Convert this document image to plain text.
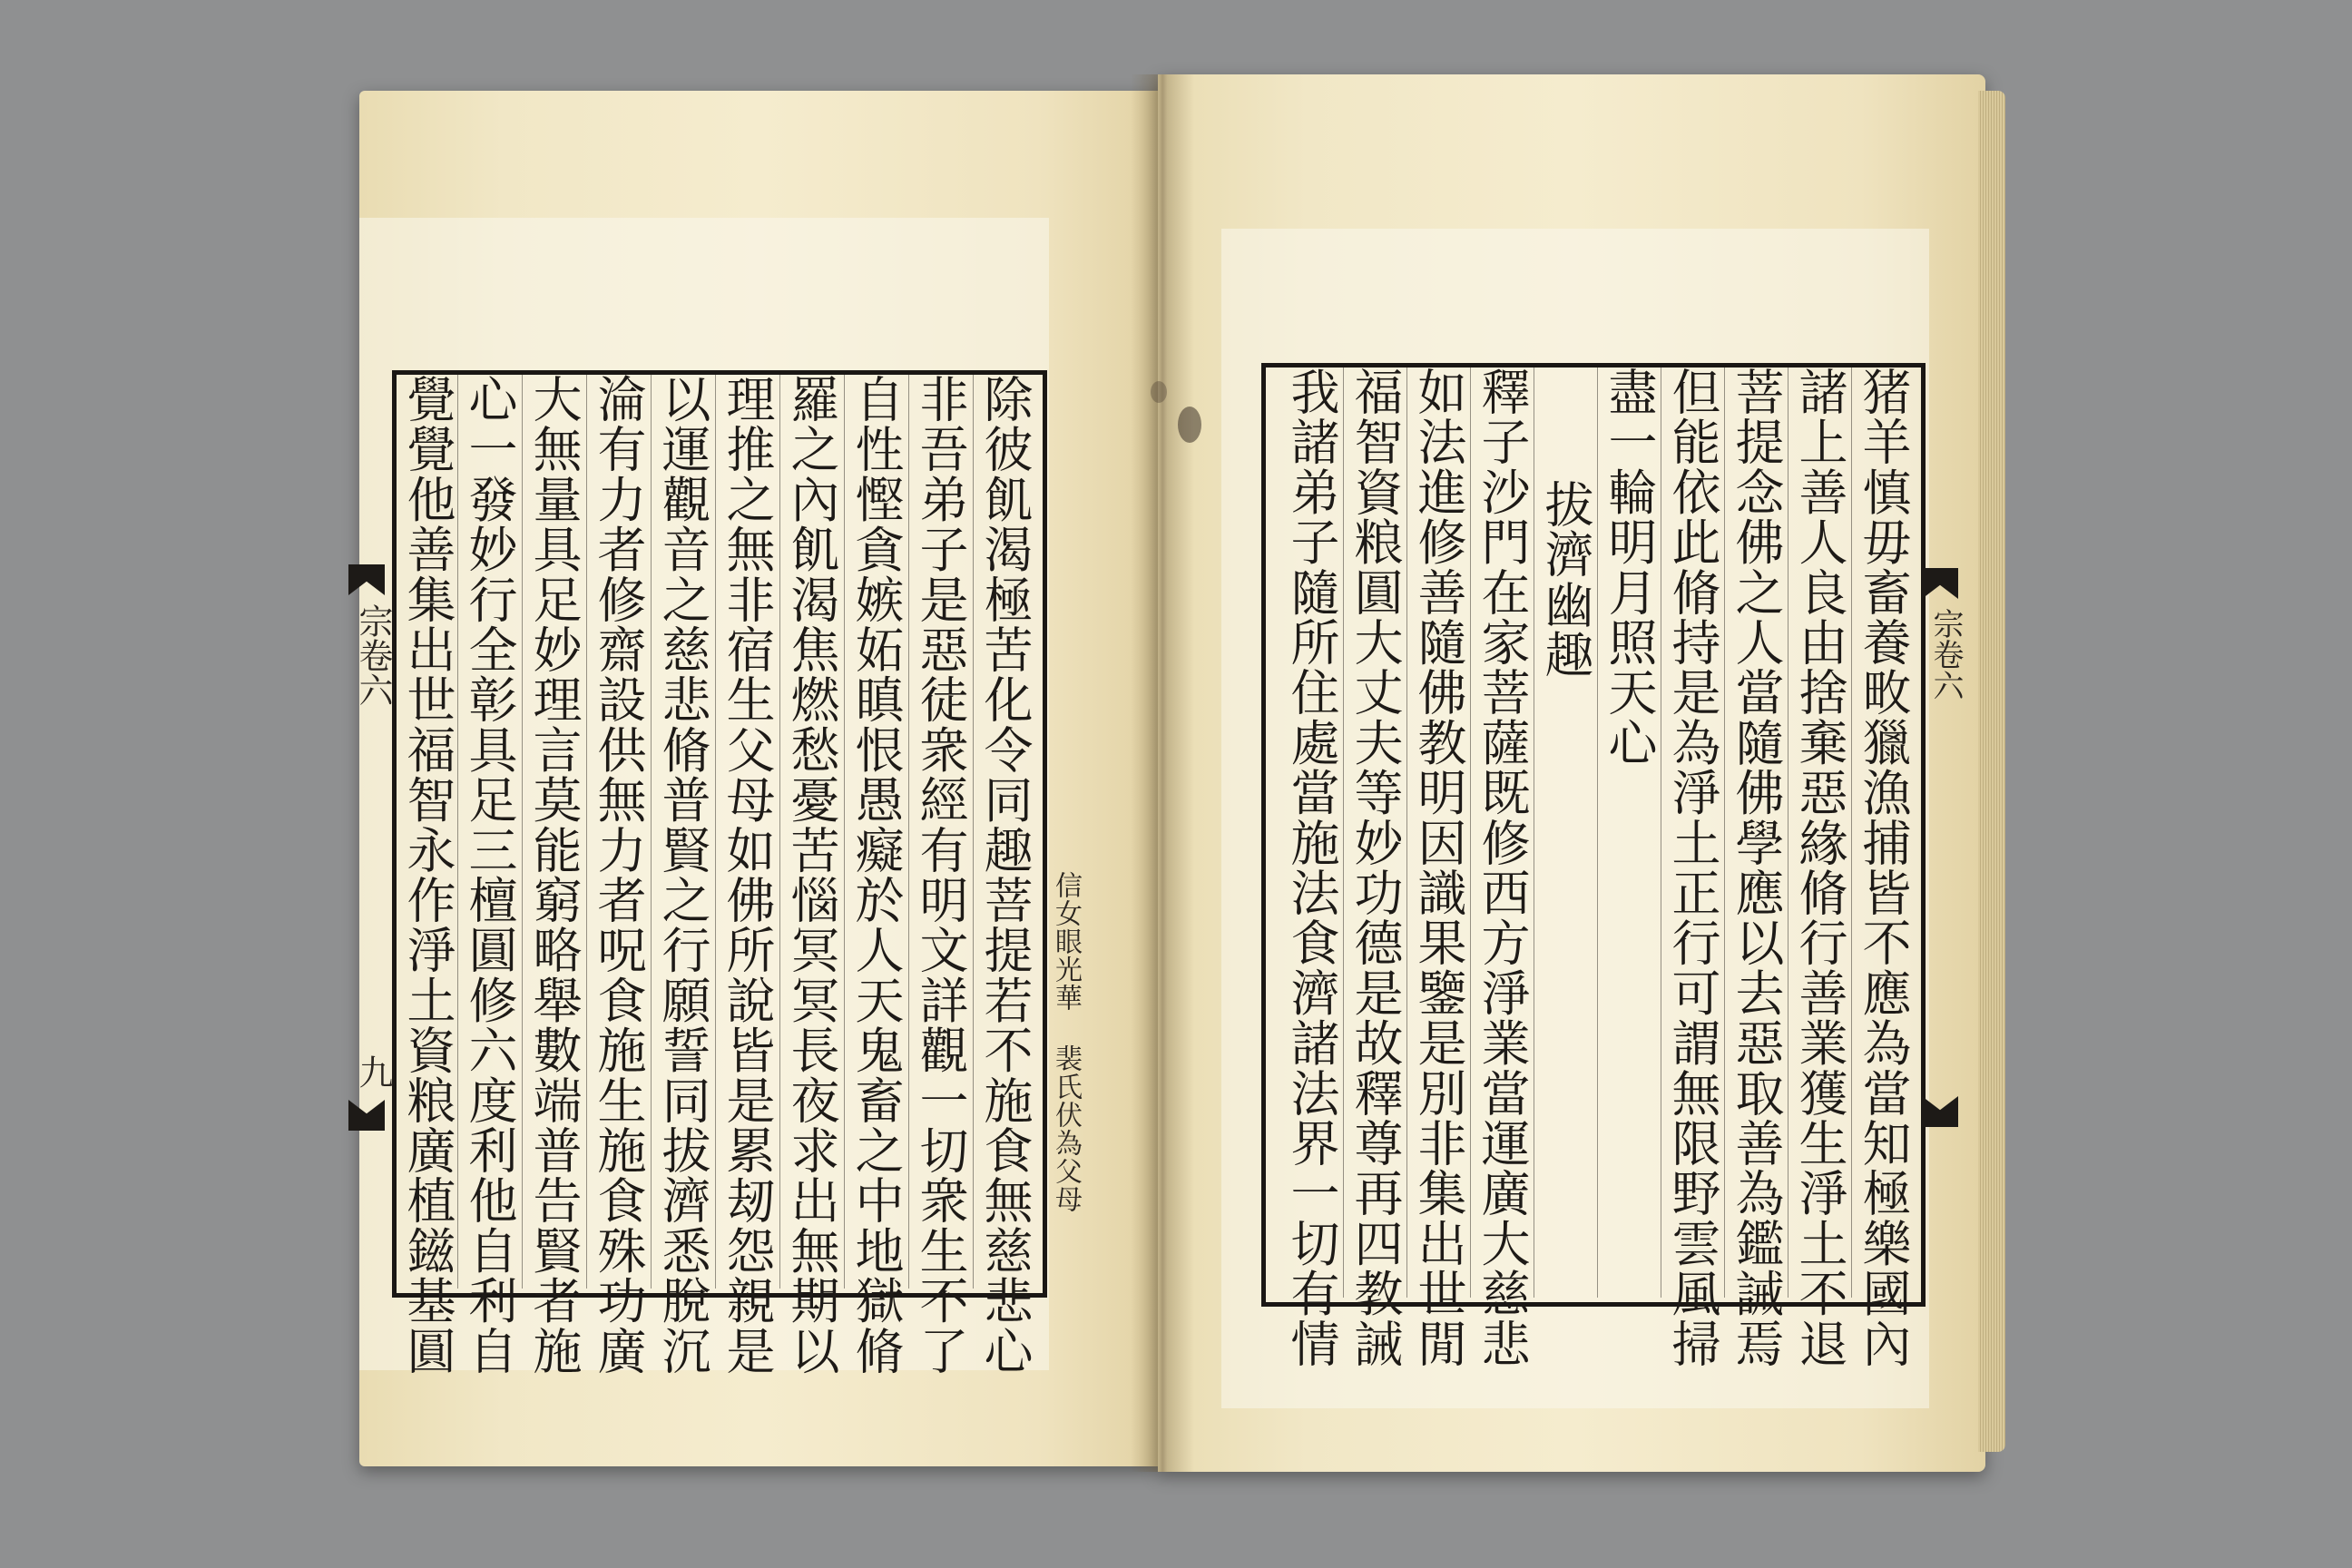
除彼飢渴極苦化令同趣菩提若不施食無慈悲心
非吾弟子是惡徒衆經有明文詳觀一切衆生不了
自性慳貪嫉妬瞋恨愚癡於人天鬼畜之中地獄脩
羅之內飢渴焦燃愁憂苦惱冥冥長夜求出無期以
理推之無非宿生父母如佛所說皆是累刼怨親是
以運觀音之慈悲脩普賢之行願誓同拔濟悉脫沉
淪有力者修齋設供無力者呪食施生施食殊功廣
大無量具足妙理言莫能窮略舉數端普告賢者施
心一發妙行全彰具足三檀圓修六度利他自利自
覺覺他善集出世福智永作淨土資粮廣植鎡基圓	信女眼光華 裴氏伏為父母
宗卷六
九	猪羊慎毋畜養畋獵漁捕皆不應為當知極樂國內
諸上善人良由捨棄惡緣脩行善業獲生淨土不退
菩提念佛之人當隨佛學應以去惡取善為鑑誡焉
但能依此脩持是為淨土正行可謂無限野雲風掃
盡一輪明月照天心
拔濟幽趣
釋子沙門在家菩薩既修西方淨業當運廣大慈悲
如法進修善隨佛教明因識果鑒是別非集出世閒
福智資粮圓大丈夫等妙功德是故釋尊再四教誡
我諸弟子隨所住處當施法食濟諸法界一切有情	宗卷六
